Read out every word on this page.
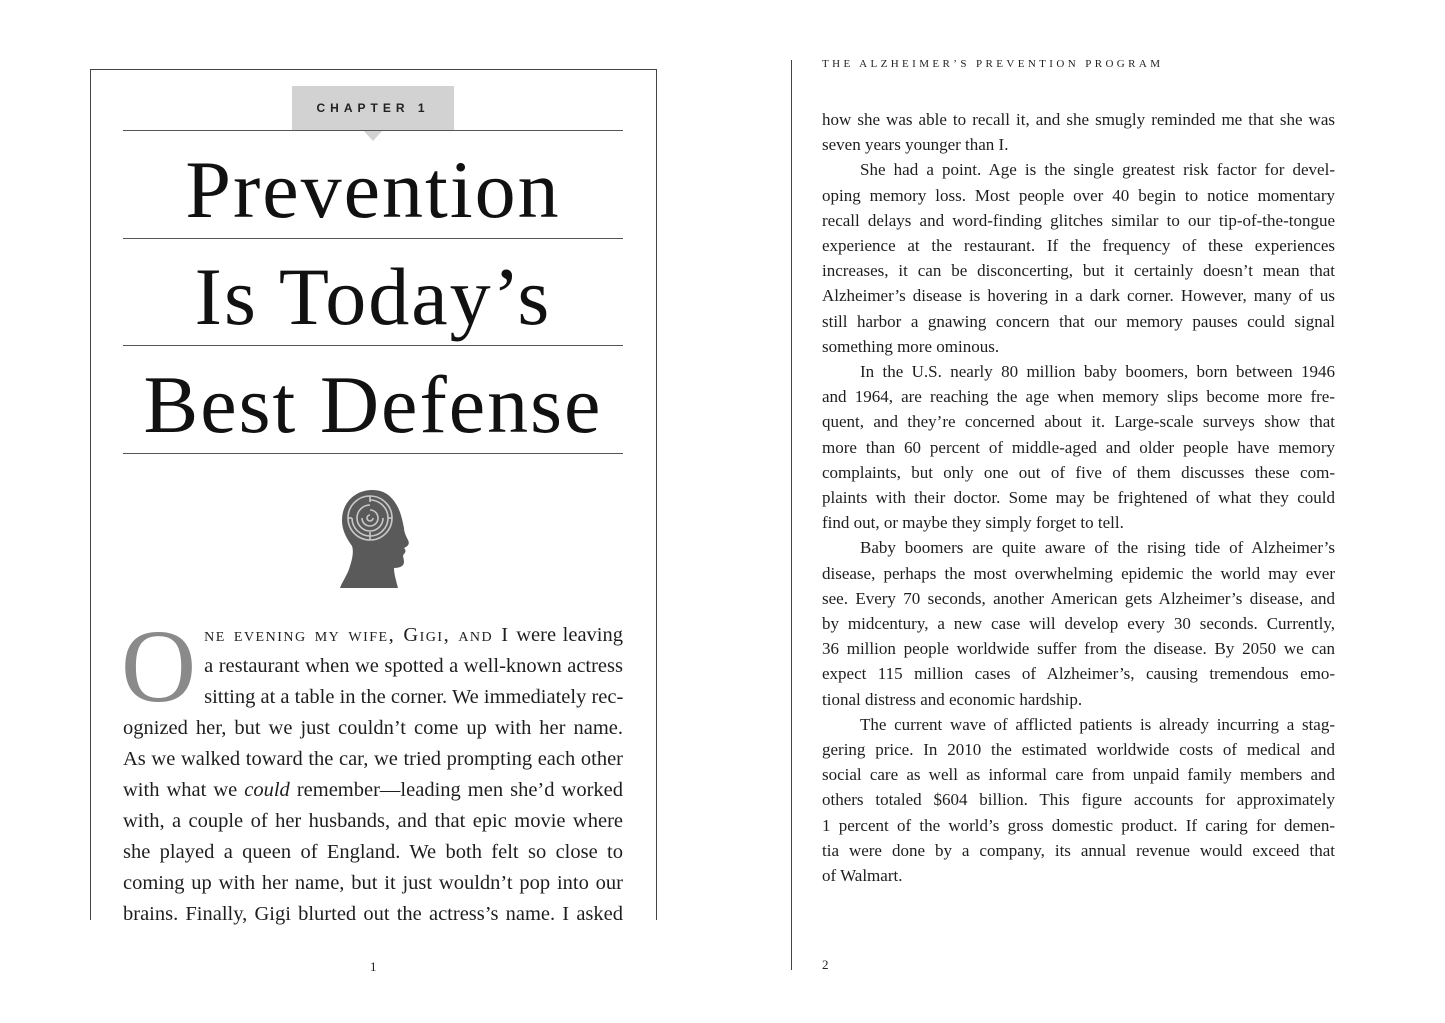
CHAPTER 1
Prevention
Is Today’s
Best Defense
O ne evening my wife, Gigi, and I were leaving
a restaurant when we spotted a well-known actress
sitting at a table in the corner. We immediately rec-
ognized her, but we just couldn’t come up with her name.
As we walked toward the car, we tried prompting each other
with what we could remember—leading men she’d worked
with, a couple of her husbands, and that epic movie where
she played a queen of England. We both felt so close to
coming up with her name, but it just wouldn’t pop into our
brains. Finally, Gigi blurted out the actress’s name. I asked
1
THE ALZHEIMER’S PREVENTION PROGRAM

how she was able to recall it, and she smugly reminded me that she was
seven years younger than I.

She had a point. Age is the single greatest risk factor for devel-
oping memory loss. Most people over 40 begin to notice momentary
recall delays and word-finding glitches similar to our tip-of-the-tongue
experience at the restaurant. If the frequency of these experiences
increases, it can be disconcerting, but it certainly doesn’t mean that
Alzheimer’s disease is hovering in a dark corner. However, many of us
still harbor a gnawing concern that our memory pauses could signal
something more ominous.

In the U.S. nearly 80 million baby boomers, born between 1946
and 1964, are reaching the age when memory slips become more fre-
quent, and they’re concerned about it. Large-scale surveys show that
more than 60 percent of middle-aged and older people have memory
complaints, but only one out of five of them discusses these com-
plaints with their doctor. Some may be frightened of what they could
find out, or maybe they simply forget to tell.

Baby boomers are quite aware of the rising tide of Alzheimer’s
disease, perhaps the most overwhelming epidemic the world may ever
see. Every 70 seconds, another American gets Alzheimer’s disease, and
by midcentury, a new case will develop every 30 seconds. Currently,
36 million people worldwide suffer from the disease. By 2050 we can
expect 115 million cases of Alzheimer’s, causing tremendous emo-
tional distress and economic hardship.

The current wave of afflicted patients is already incurring a stag-
gering price. In 2010 the estimated worldwide costs of medical and
social care as well as informal care from unpaid family members and
others totaled $604 billion. This figure accounts for approximately
1 percent of the world’s gross domestic product. If caring for demen-
tia were done by a company, its annual revenue would exceed that
of Walmart.

2
